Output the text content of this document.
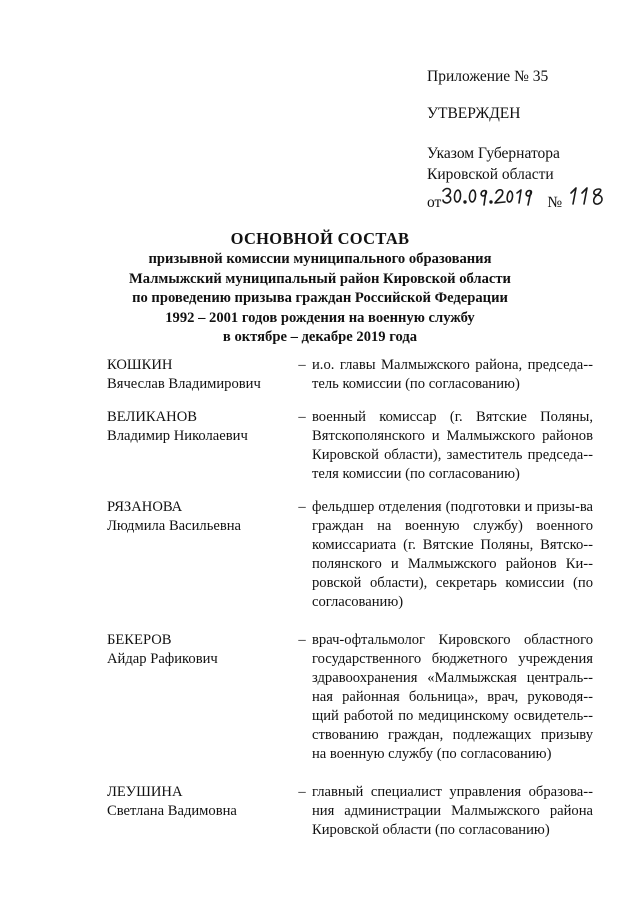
Приложение № 35
УТВЕРЖДЕН
Указом Губернатора
Кировской области
от	№
ОСНОВНОЙ СОСТАВ
призывной комиссии муниципального образования
Малмыжский муниципальный район Кировской области
по проведению призыва граждан Российской Федерации
1992 – 2001 годов рождения на военную службу
в октябре – декабре 2019 года
КОШКИН
Вячеслав Владимирович
– и.о. главы Малмыжского района, председа-тель комиссии (по согласованию)
ВЕЛИКАНОВ
Владимир Николаевич
– военный комиссар (г. Вятские Поляны, Вятскополянского и Малмыжского районов Кировской области), заместитель председа-теля комиссии (по согласованию)
РЯЗАНОВА
Людмила Васильевна
– фельдшер отделения (подготовки и призы-ва граждан на военную службу) военного комиссариата (г. Вятские Поляны, Вятско-полянского и Малмыжского районов Ки-ровской области), секретарь комиссии (по согласованию)
БЕКЕРОВ
Айдар Рафикович
– врач-офтальмолог Кировского областного государственного бюджетного учреждения здравоохранения «Малмыжская централь-ная районная больница», врач, руководя-щий работой по медицинскому освидетель-ствованию граждан, подлежащих призыву на военную службу (по согласованию)
ЛЕУШИНА
Светлана Вадимовна
– главный специалист управления образова-ния администрации Малмыжского района Кировской области (по согласованию)
